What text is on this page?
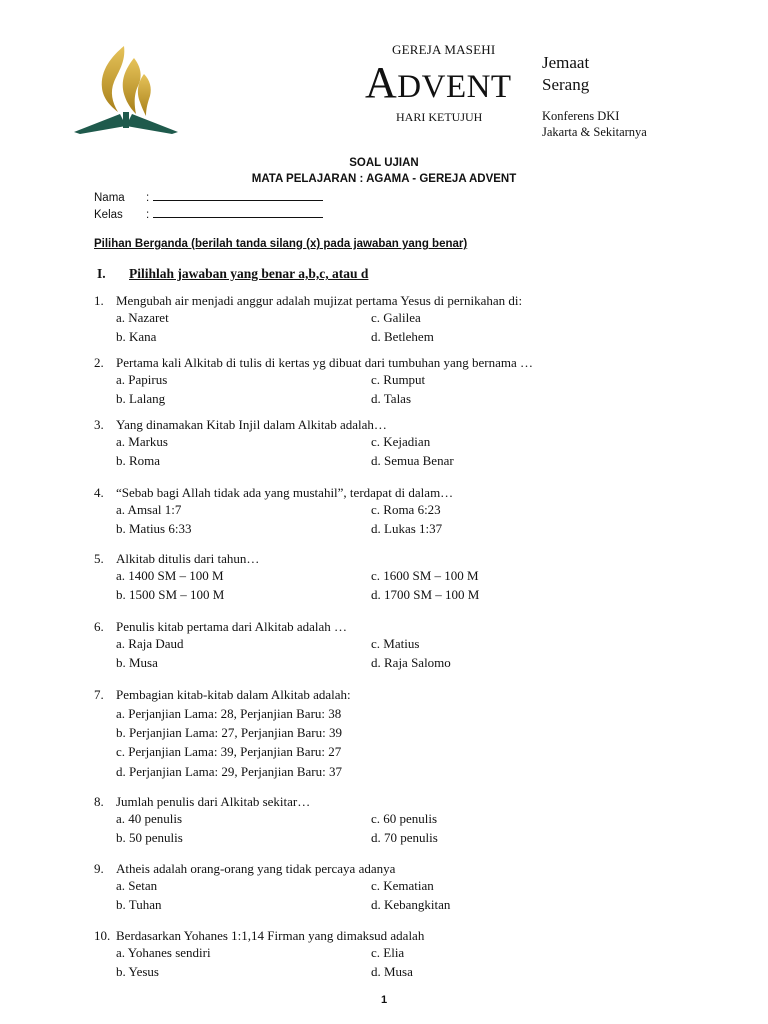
GEREJA MASEHI
ADVENT
HARI KETUJUH
Jemaat
Serang
Konferens DKI
Jakarta & Sekitarnya
SOAL UJIAN
MATA PELAJARAN : AGAMA - GEREJA ADVENT
Nama :
Kelas :
Pilihan Berganda (berilah tanda silang (x) pada jawaban yang benar)
I. Pilihlah jawaban yang benar a,b,c, atau d
1. Mengubah air menjadi anggur adalah mujizat pertama Yesus di pernikahan di:
a. Nazaret
b. Kana
c. Galilea
d. Betlehem
2. Pertama kali Alkitab di tulis di kertas yg dibuat dari tumbuhan yang bernama …
a. Papirus
b. Lalang
c. Rumput
d. Talas
3. Yang dinamakan Kitab Injil dalam Alkitab adalah…
a. Markus
b. Roma
c. Kejadian
d. Semua Benar
4. “Sebab bagi Allah tidak ada yang mustahil”, terdapat di dalam…
a. Amsal 1:7
b. Matius 6:33
c. Roma 6:23
d. Lukas 1:37
5. Alkitab ditulis dari tahun…
a. 1400 SM – 100 M
b. 1500 SM – 100 M
c. 1600 SM – 100 M
d. 1700 SM – 100 M
6. Penulis kitab pertama dari Alkitab adalah …
a. Raja Daud
b. Musa
c. Matius
d. Raja Salomo
7. Pembagian kitab-kitab dalam Alkitab adalah:
a. Perjanjian Lama: 28, Perjanjian Baru: 38
b. Perjanjian Lama: 27, Perjanjian Baru: 39
c. Perjanjian Lama: 39, Perjanjian Baru: 27
d. Perjanjian Lama: 29, Perjanjian Baru: 37
8. Jumlah penulis dari Alkitab sekitar…
a. 40 penulis
b. 50 penulis
c. 60 penulis
d. 70 penulis
9. Atheis adalah orang-orang yang tidak percaya adanya
a. Setan
b. Tuhan
c. Kematian
d. Kebangkitan
10. Berdasarkan Yohanes 1:1,14 Firman yang dimaksud adalah
a. Yohanes sendiri
b. Yesus
c. Elia
d. Musa
1
